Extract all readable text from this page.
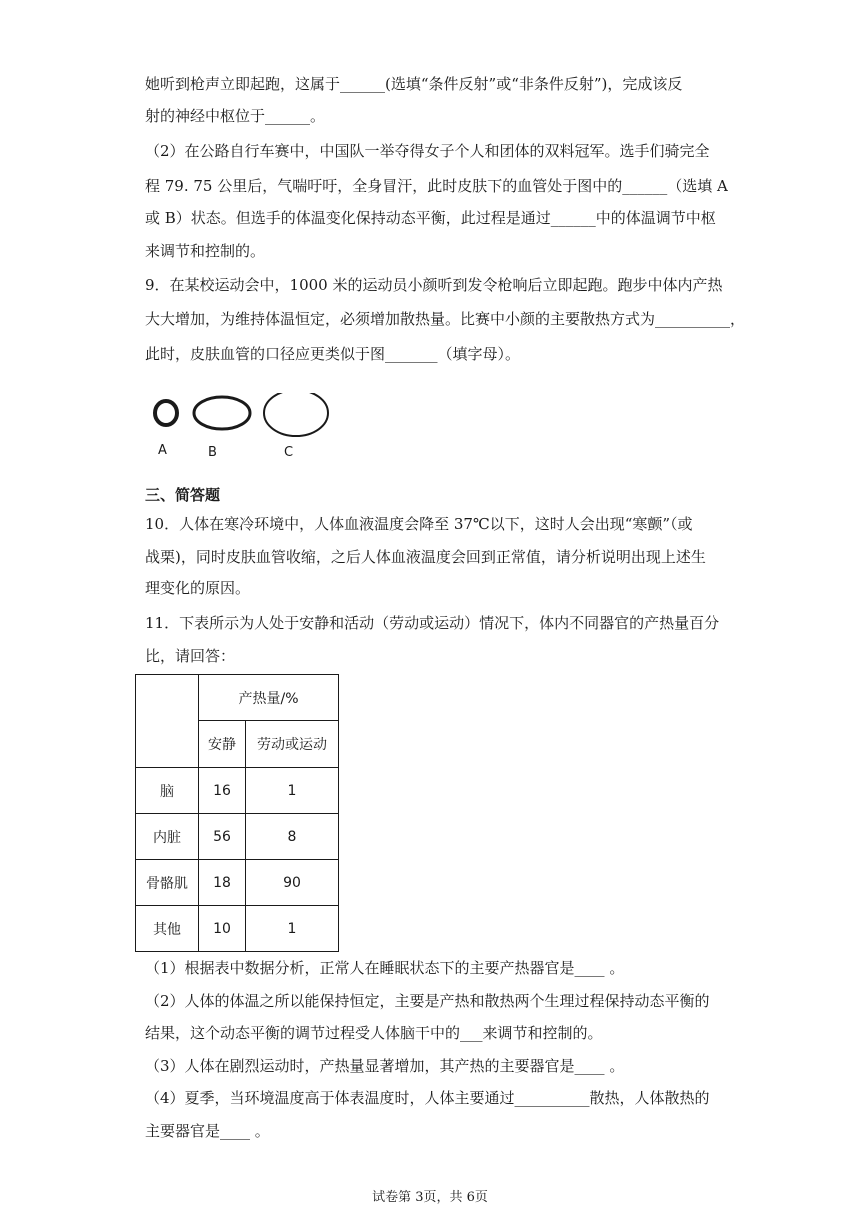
她听到枪声立即起跑，这属于______(选填“条件反射”或“非条件反射”)，完成该反
射的神经中枢位于______。
（2）在公路自行车赛中，中国队一举夺得女子个人和团体的双料冠军。选手们骑完全
程 79. 75 公里后，气喘吁吁，全身冒汗，此时皮肤下的血管处于图中的______（选填 A
或 B）状态。但选手的体温变化保持动态平衡，此过程是通过______中的体温调节中枢
来调节和控制的。
9．在某校运动会中，1000 米的运动员小颜听到发令枪响后立即起跑。跑步中体内产热
大大增加，为维持体温恒定，必须增加散热量。比赛中小颜的主要散热方式为__________，
此时，皮肤血管的口径应更类似于图_______（填字母）。
A	B	C
三、简答题
10．人体在寒冷环境中，人体血液温度会降至 37℃以下，这时人会出现“寒颤”（或
战栗)，同时皮肤血管收缩，之后人体血液温度会回到正常值，请分析说明出现上述生
理变化的原因。
11．下表所示为人处于安静和活动（劳动或运动）情况下，体内不同器官的产热量百分
比，请回答：
	产热量/%	
	安静	劳动或运动
脑	16	1
内脏	56	8
骨骼肌	18	90
其他	10	1
（1）根据表中数据分析，正常人在睡眠状态下的主要产热器官是____ 。
（2）人体的体温之所以能保持恒定，主要是产热和散热两个生理过程保持动态平衡的
结果，这个动态平衡的调节过程受人体脑干中的___来调节和控制的。
（3）人体在剧烈运动时，产热量显著增加，其产热的主要器官是____ 。
（4）夏季，当环境温度高于体表温度时，人体主要通过__________散热，人体散热的
主要器官是____ 。
试卷第 3页，共 6页
